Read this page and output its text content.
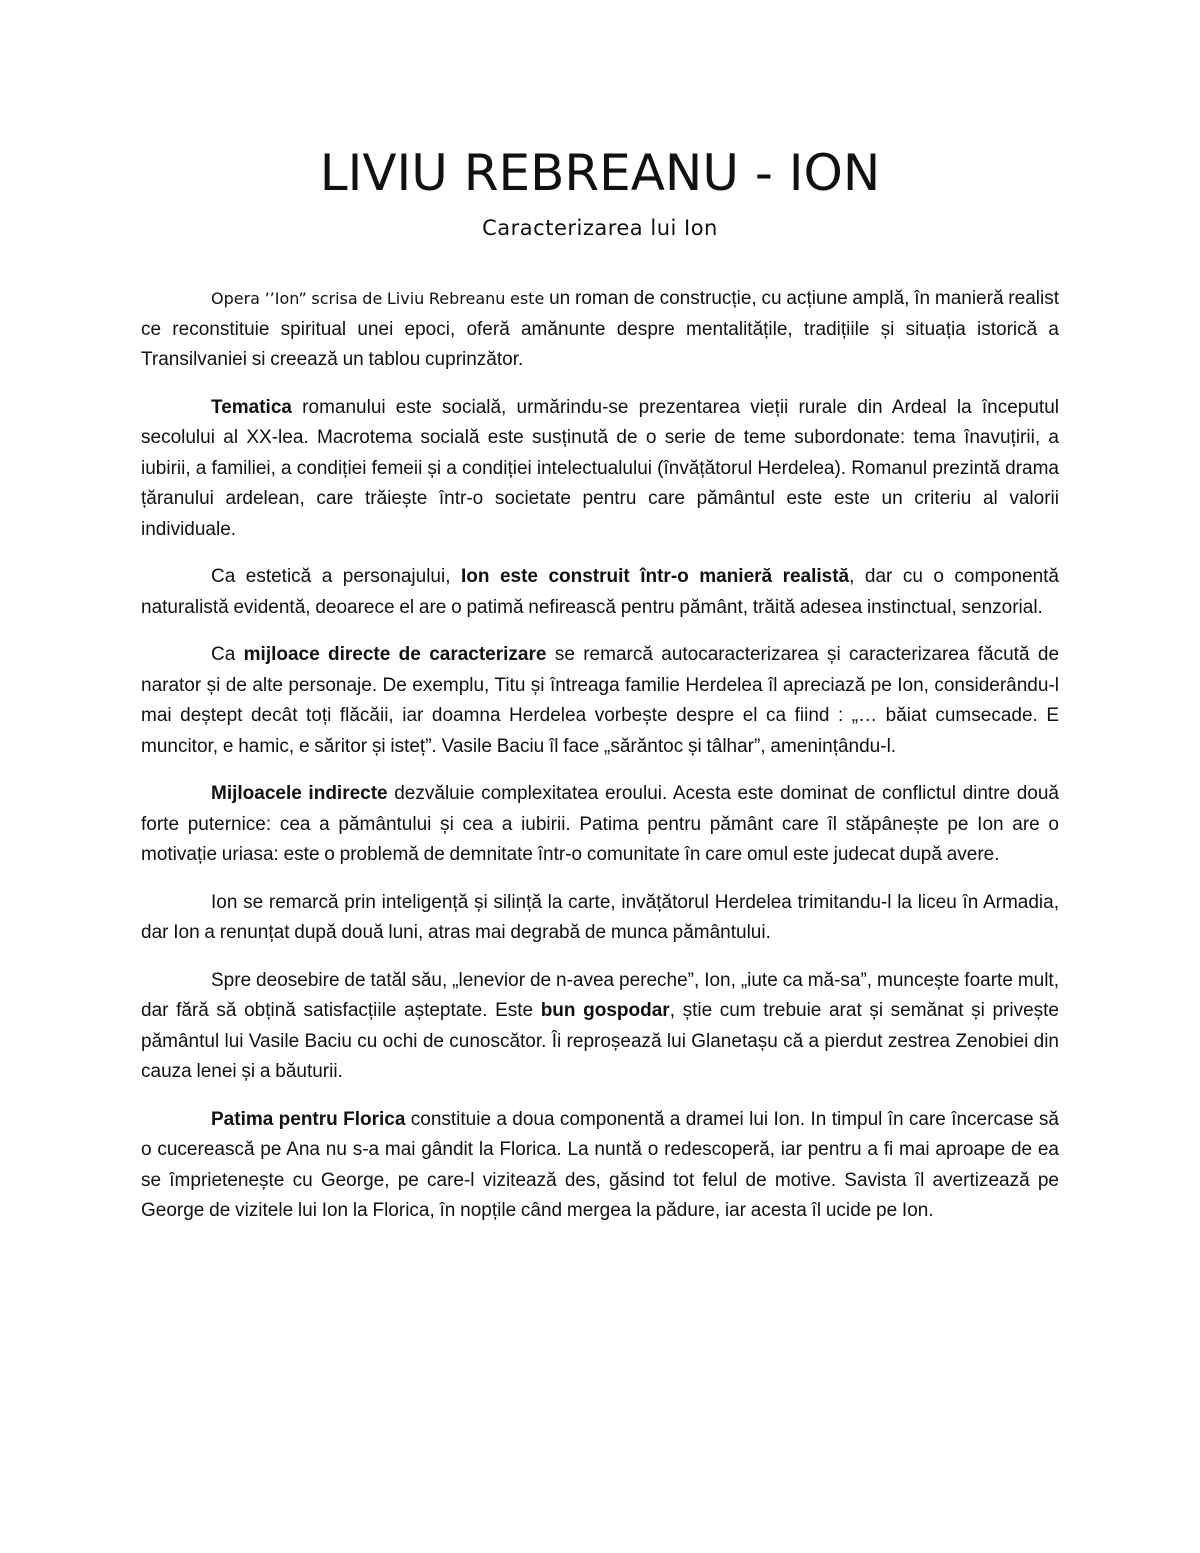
LIVIU REBREANU - ION
Caracterizarea lui Ion

Opera ’’Ion” scrisa de Liviu Rebreanu este un roman de construcție, cu acțiune amplă, în manieră realist ce reconstituie spiritual unei epoci, oferă amănunte despre mentalitățile, tradițiile și situația istorică a Transilvaniei si creează un tablou cuprinzător.

Tematica romanului este socială, urmărindu-se prezentarea vieții rurale din Ardeal la începutul secolului al XX-lea. Macrotema socială este susținută de o serie de teme subordonate: tema înavuțirii, a iubirii, a familiei, a condiției femeii și a condiției intelectualului (învățătorul Herdelea). Romanul prezintă drama țăranului ardelean, care trăiește într-o societate pentru care pământul este este un criteriu al valorii individuale.

Ca estetică a personajului, Ion este construit într-o manieră realistă, dar cu o componentă naturalistă evidentă, deoarece el are o patimă nefirească pentru pământ, trăită adesea instinctual, senzorial.

Ca mijloace directe de caracterizare se remarcă autocaracterizarea și caracterizarea făcută de narator și de alte personaje. De exemplu, Titu și întreaga familie Herdelea îl apreciază pe Ion, considerându-l mai deștept decât toți flăcăii, iar doamna Herdelea vorbește despre el ca fiind : „… băiat cumsecade. E muncitor, e hamic, e săritor și isteț”. Vasile Baciu îl face „sărăntoc și tâlhar”, amenințându-l.

Mijloacele indirecte dezvăluie complexitatea eroului. Acesta este dominat de conflictul dintre două forte puternice: cea a pământului și cea a iubirii. Patima pentru pământ care îl stăpânește pe Ion are o motivație uriasa: este o problemă de demnitate într-o comunitate în care omul este judecat după avere.

Ion se remarcă prin inteligență și silință la carte, invățătorul Herdelea trimitandu-l la liceu în Armadia, dar Ion a renunțat după două luni, atras mai degrabă de munca pământului.

Spre deosebire de tatăl său, „lenevior de n-avea pereche”, Ion, „iute ca mă-sa”, muncește foarte mult, dar fără să obțină satisfacțiile așteptate. Este bun gospodar, știe cum trebuie arat și semănat și privește pământul lui Vasile Baciu cu ochi de cunoscător. Îi reproșează lui Glanetașu că a pierdut zestrea Zenobiei din cauza lenei și a băuturii.

Patima pentru Florica constituie a doua componentă a dramei lui Ion. In timpul în care încercase să o cucerească pe Ana nu s-a mai gândit la Florica. La nuntă o redescoperă, iar pentru a fi mai aproape de ea se împrietenește cu George, pe care-l vizitează des, găsind tot felul de motive. Savista îl avertizează pe George de vizitele lui Ion la Florica, în nopțile când mergea la pădure, iar acesta îl ucide pe Ion.
